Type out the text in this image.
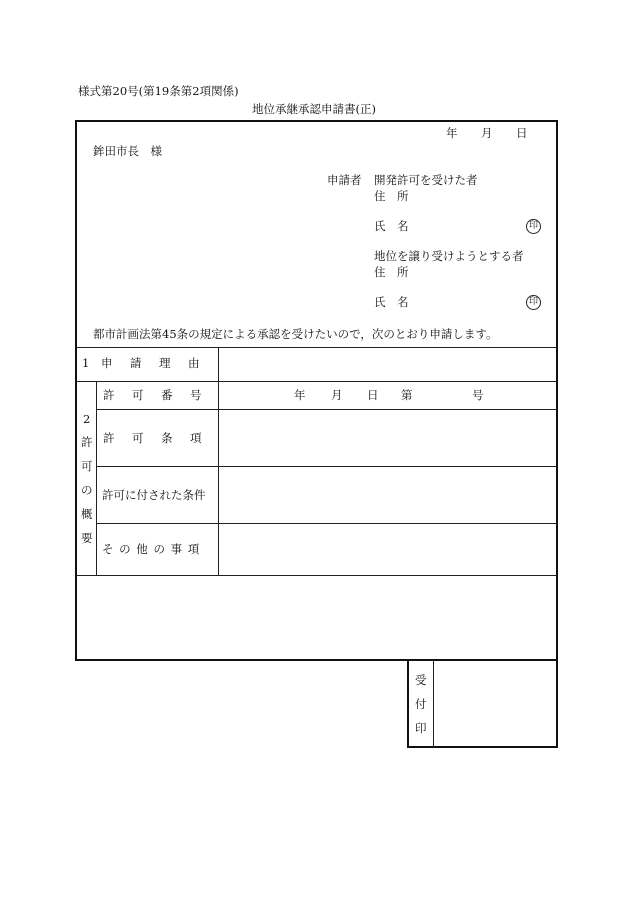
様式第20号(第19条第2項関係)
地位承継承認申請書(正)
年 月 日
鉾田市長　様
申請者 開発許可を受けた者
住　所
氏　名	印
地位を譲り受けようとする者
住　所
氏　名	印
都市計画法第45条の規定による承認を受けたいので，次のとおり申請します。
1 申　請　理　由
2
許
可
の
概
要
許　可　番　号	年 月 日 第	号
許　可　条　項
許可に付された条件
そ の 他 の 事 項
受
付
印
